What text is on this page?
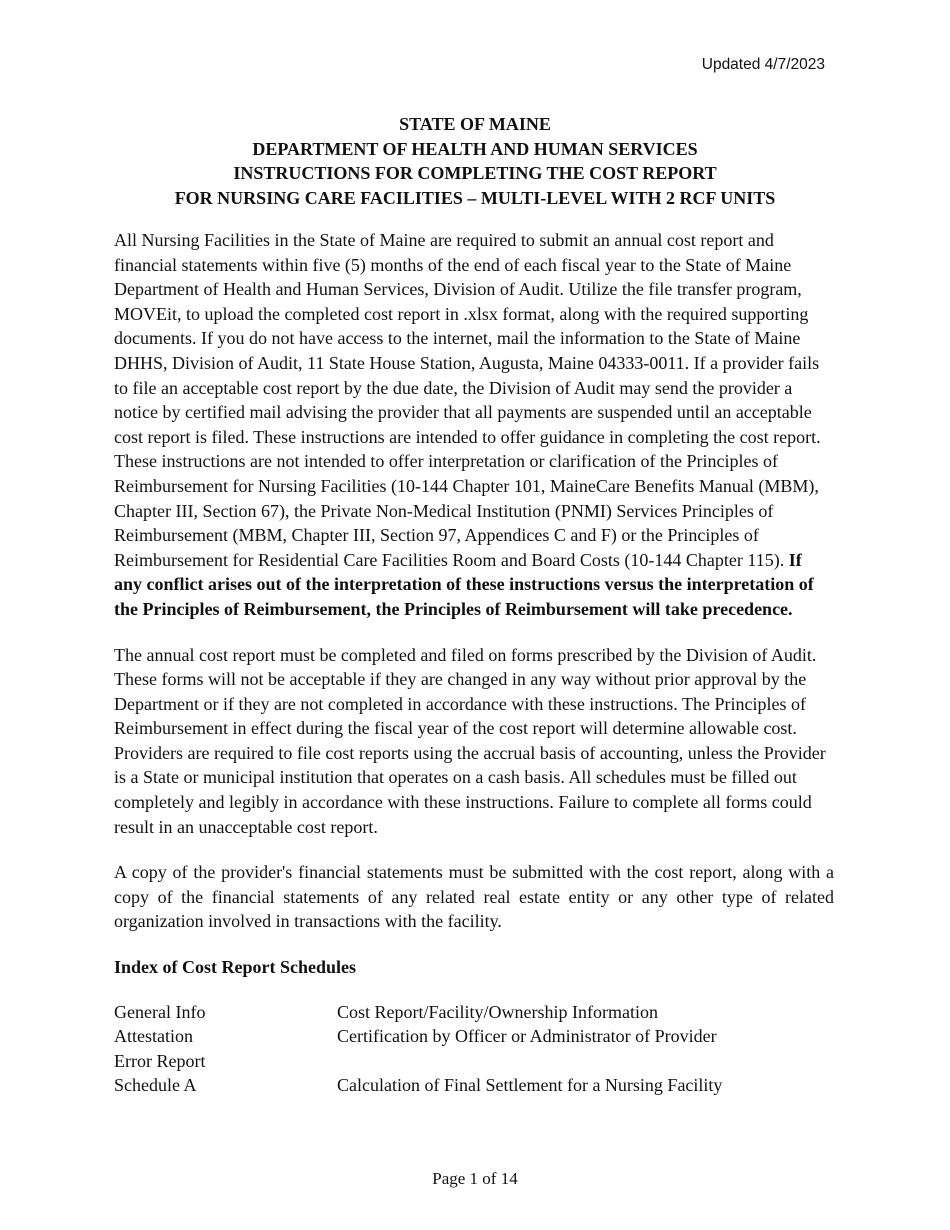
Updated 4/7/2023
STATE OF MAINE
DEPARTMENT OF HEALTH AND HUMAN SERVICES
INSTRUCTIONS FOR COMPLETING THE COST REPORT
FOR NURSING CARE FACILITIES – MULTI-LEVEL WITH 2 RCF UNITS

All Nursing Facilities in the State of Maine are required to submit an annual cost report and financial statements within five (5) months of the end of each fiscal year to the State of Maine Department of Health and Human Services, Division of Audit. Utilize the file transfer program, MOVEit, to upload the completed cost report in .xlsx format, along with the required supporting documents. If you do not have access to the internet, mail the information to the State of Maine DHHS, Division of Audit, 11 State House Station, Augusta, Maine 04333-0011. If a provider fails to file an acceptable cost report by the due date, the Division of Audit may send the provider a notice by certified mail advising the provider that all payments are suspended until an acceptable cost report is filed. These instructions are intended to offer guidance in completing the cost report. These instructions are not intended to offer interpretation or clarification of the Principles of Reimbursement for Nursing Facilities (10-144 Chapter 101, MaineCare Benefits Manual (MBM), Chapter III, Section 67), the Private Non-Medical Institution (PNMI) Services Principles of Reimbursement (MBM, Chapter III, Section 97, Appendices C and F) or the Principles of Reimbursement for Residential Care Facilities Room and Board Costs (10-144 Chapter 115). If any conflict arises out of the interpretation of these instructions versus the interpretation of the Principles of Reimbursement, the Principles of Reimbursement will take precedence.

The annual cost report must be completed and filed on forms prescribed by the Division of Audit. These forms will not be acceptable if they are changed in any way without prior approval by the Department or if they are not completed in accordance with these instructions. The Principles of Reimbursement in effect during the fiscal year of the cost report will determine allowable cost. Providers are required to file cost reports using the accrual basis of accounting, unless the Provider is a State or municipal institution that operates on a cash basis. All schedules must be filled out completely and legibly in accordance with these instructions. Failure to complete all forms could result in an unacceptable cost report.

A copy of the provider's financial statements must be submitted with the cost report, along with a copy of the financial statements of any related real estate entity or any other type of related organization involved in transactions with the facility.

Index of Cost Report Schedules
General Info	Cost Report/Facility/Ownership Information
Attestation	Certification by Officer or Administrator of Provider
Error Report	
Schedule A	Calculation of Final Settlement for a Nursing Facility
Page 1 of 14
